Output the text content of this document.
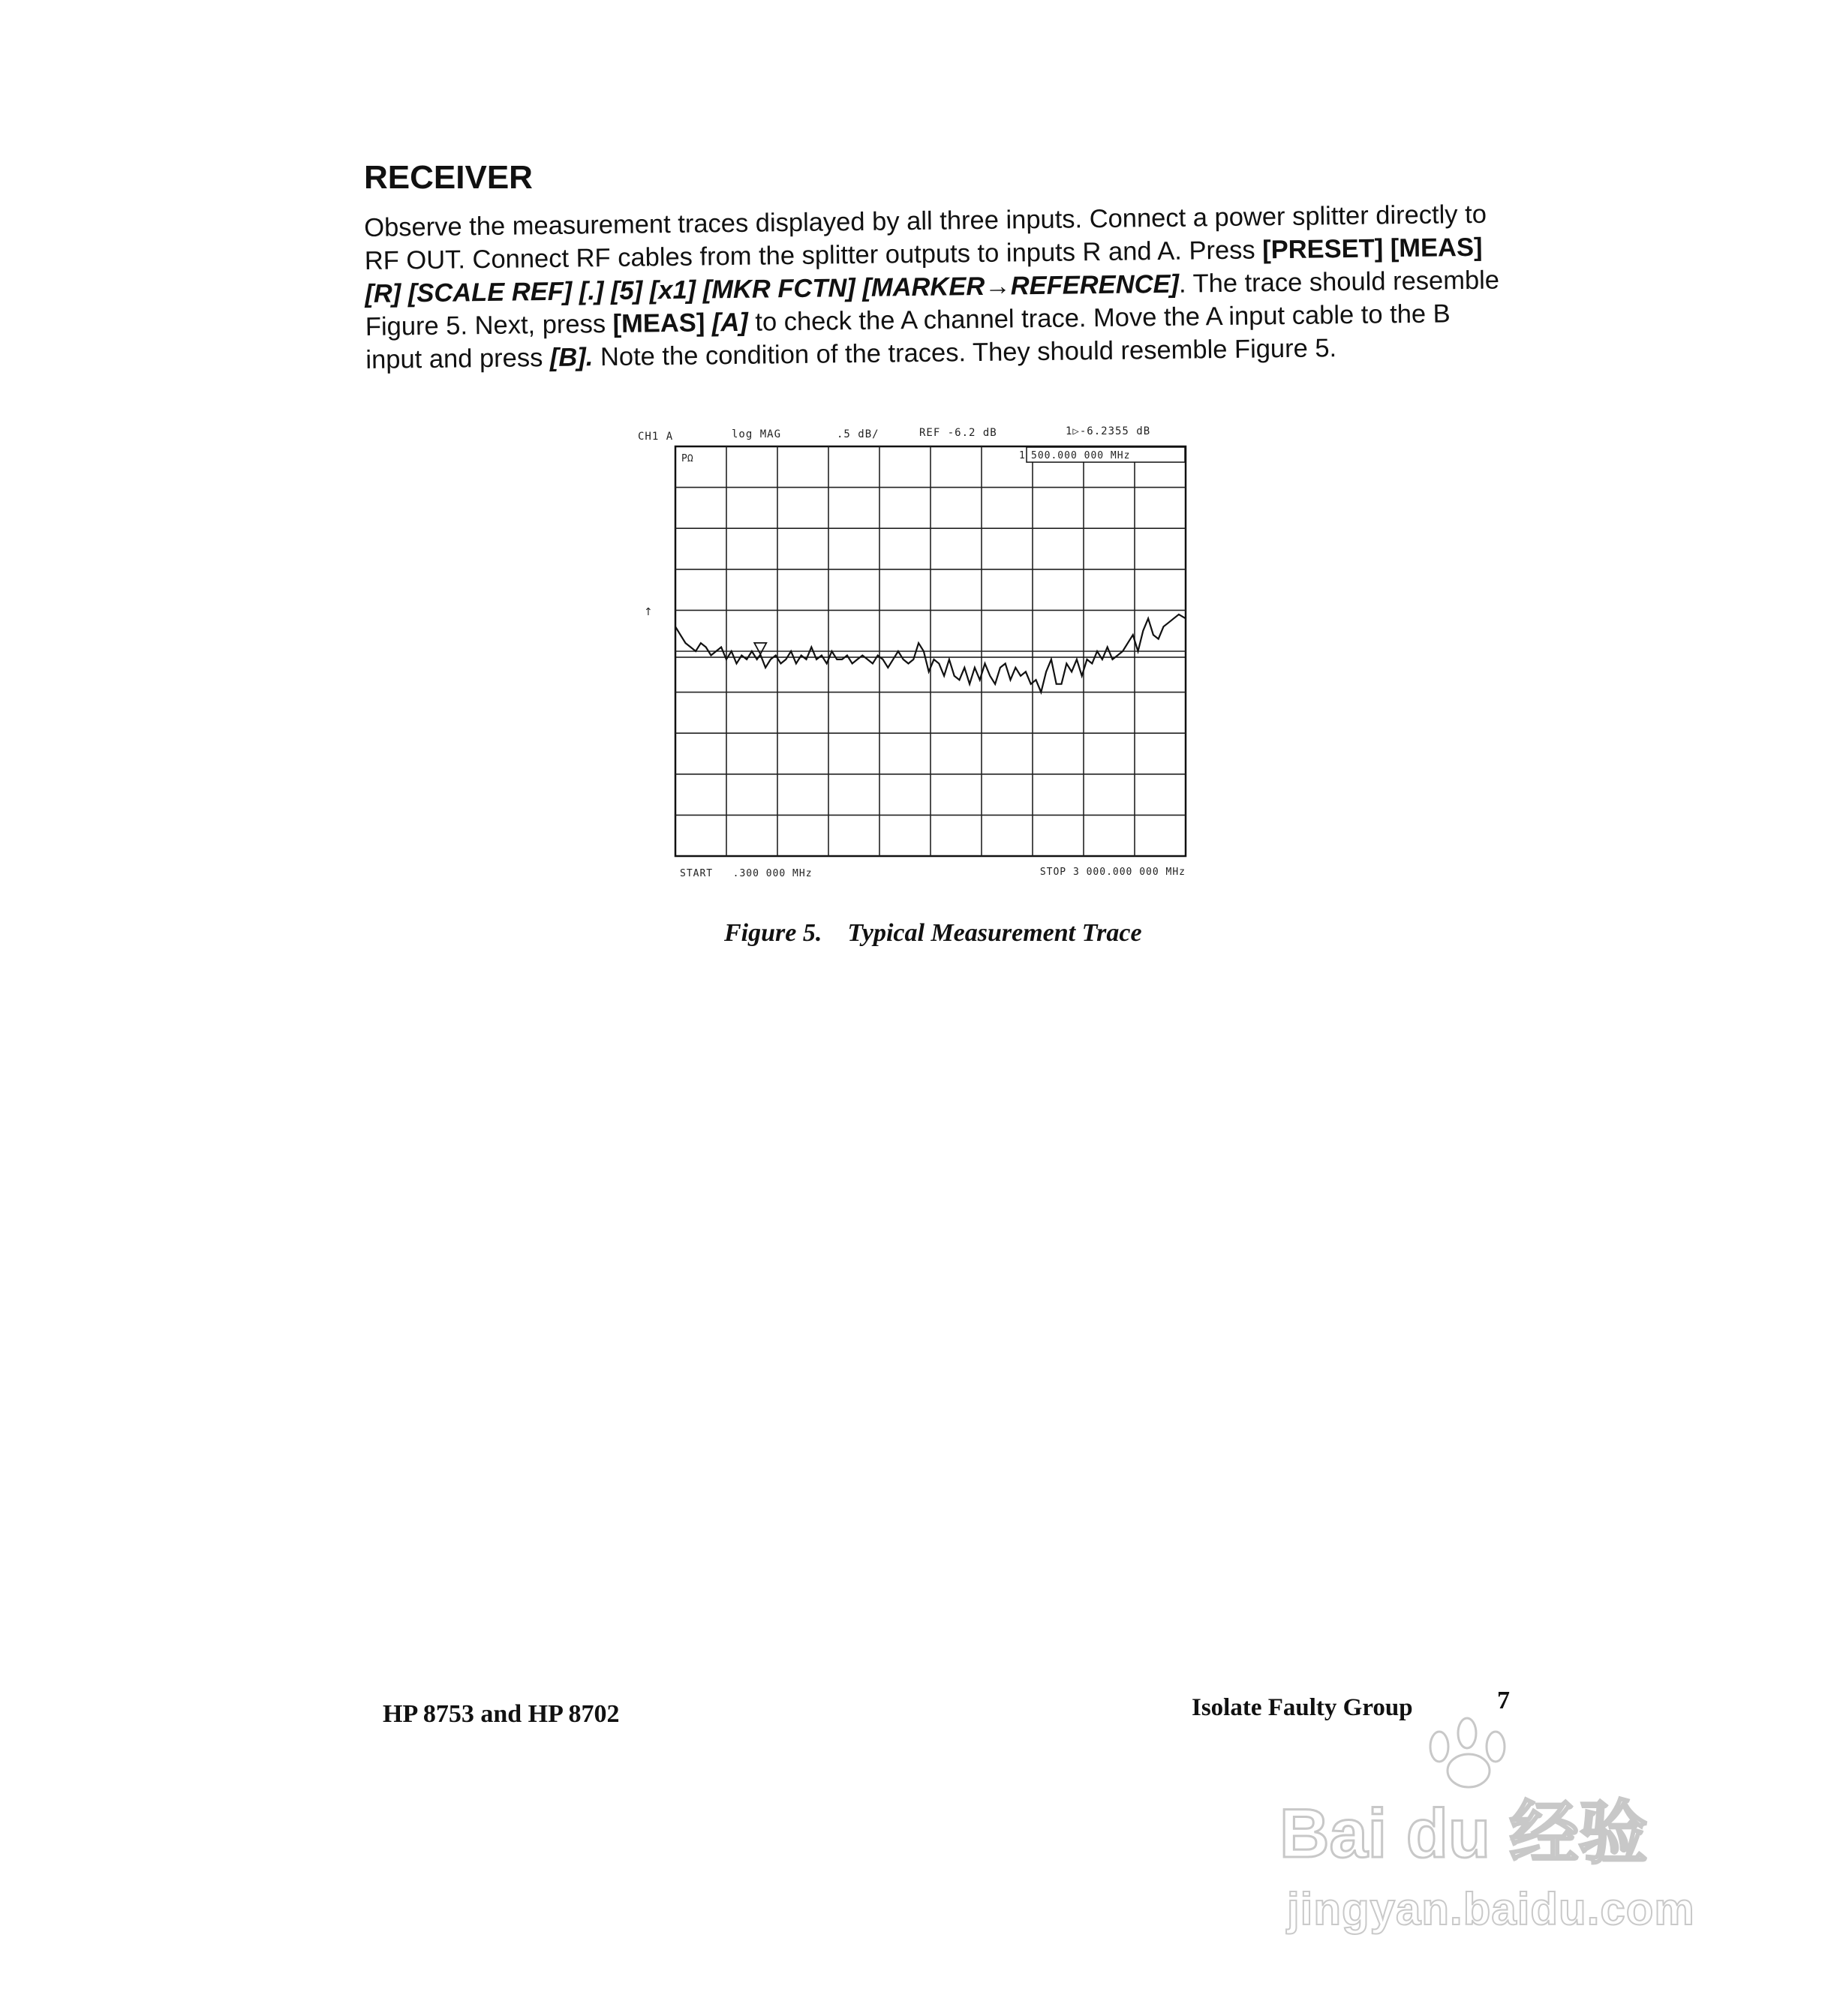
RECEIVER

Observe the measurement traces displayed by all three inputs. Connect a power splitter directly to RF OUT. Connect RF cables from the splitter outputs to inputs R and A. Press [PRESET] [MEAS] [R] [SCALE REF] [.] [5] [x1] [MKR FCTN] [MARKER→REFERENCE]. The trace should resemble Figure 5. Next, press [MEAS] [A] to check the A channel trace. Move the A input cable to the B input and press [B]. Note the condition of the traces. They should resemble Figure 5.

CH1 A	log MAG	.5 dB/	REF -6.2 dB	1▷-6.2355 dB
PΩ
↑
1 500.000 000 MHz
START   .300 000 MHz	STOP 3 000.000 000 MHz

Figure 5. Typical Measurement Trace

HP 8753 and HP 8702	Isolate Faulty Group	7
Bai du 经验
jingyan.baidu.com
